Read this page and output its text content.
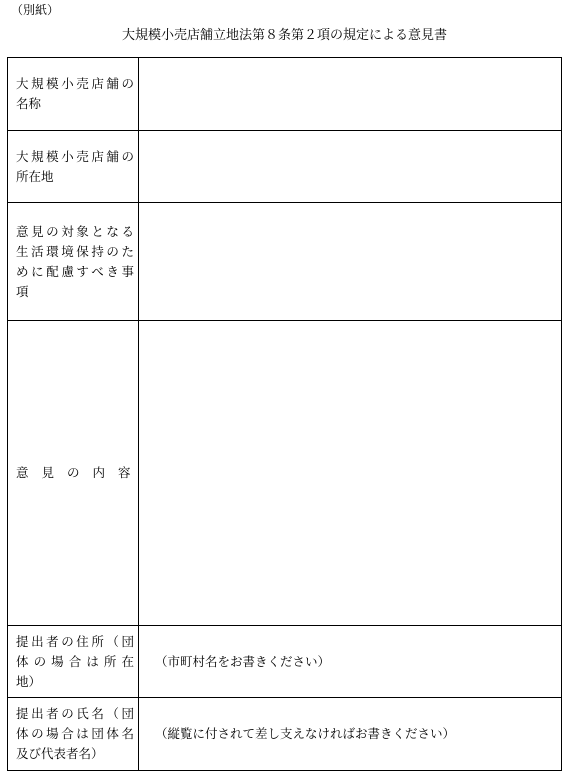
（別紙）
大規模小売店舗立地法第８条第２項の規定による意見書
大規模小売店舗の
名称	

大規模小売店舗の
所在地	

意見の対象となる
生活環境保持のた
めに配慮すべき事
項	

意見の内容	

提出者の住所（団
体の場合は所在
地）	（市町村名をお書きください）

提出者の氏名（団
体の場合は団体名
及び代表者名）	（縦覧に付されて差し支えなければお書きください）
